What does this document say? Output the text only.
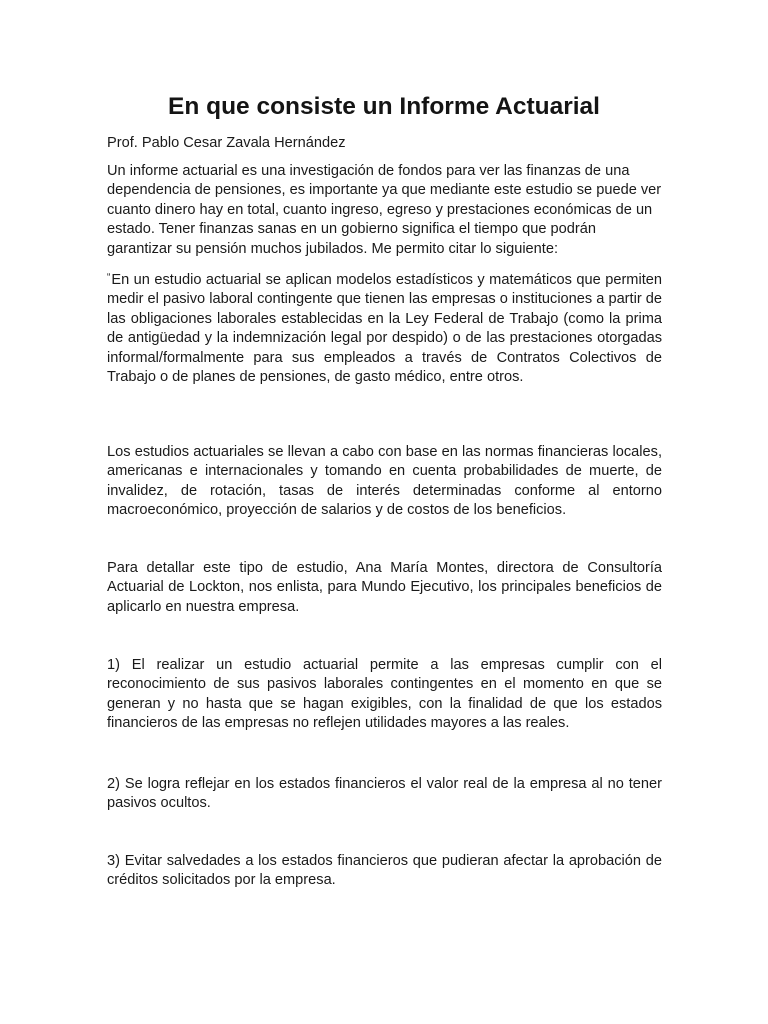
En que consiste un Informe Actuarial

Prof. Pablo Cesar Zavala Hernández

Un informe actuarial es una investigación de fondos para ver las finanzas de una dependencia de pensiones, es importante ya que mediante este estudio se puede ver cuanto dinero hay en total, cuanto ingreso, egreso y prestaciones económicas de un estado. Tener finanzas sanas en un gobierno significa el tiempo que podrán garantizar su pensión muchos jubilados. Me permito citar lo siguiente:

“En un estudio actuarial se aplican modelos estadísticos y matemáticos que permiten medir el pasivo laboral contingente que tienen las empresas o instituciones a partir de las obligaciones laborales establecidas en la Ley Federal de Trabajo (como la prima de antigüedad y la indemnización legal por despido) o de las prestaciones otorgadas informal/formalmente para sus empleados a través de Contratos Colectivos de Trabajo o de planes de pensiones, de gasto médico, entre otros.

Los estudios actuariales se llevan a cabo con base en las normas financieras locales, americanas e internacionales y tomando en cuenta probabilidades de muerte, de invalidez, de rotación, tasas de interés determinadas conforme al entorno macroeconómico, proyección de salarios y de costos de los beneficios.

Para detallar este tipo de estudio, Ana María Montes, directora de Consultoría Actuarial de Lockton, nos enlista, para Mundo Ejecutivo, los principales beneficios de aplicarlo en nuestra empresa.

1) El realizar un estudio actuarial permite a las empresas cumplir con el reconocimiento de sus pasivos laborales contingentes en el momento en que se generan y no hasta que se hagan exigibles, con la finalidad de que los estados financieros de las empresas no reflejen utilidades mayores a las reales.

2) Se logra reflejar en los estados financieros el valor real de la empresa al no tener pasivos ocultos.

3) Evitar salvedades a los estados financieros que pudieran afectar la aprobación de créditos solicitados por la empresa.
